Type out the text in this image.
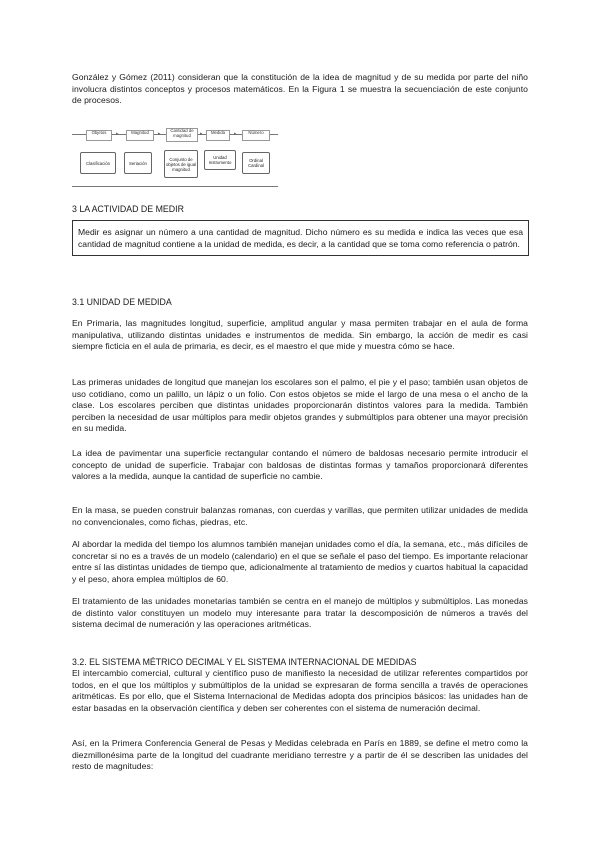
González y Gómez (2011) consideran que la constitución de la idea de magnitud y de su medida por parte del niño involucra distintos conceptos y procesos matemáticos. En la Figura 1 se muestra la secuenciación de este conjunto de procesos.

Objetos	Magnitud	Cantidad de magnitud	Medida	Número
▸	▸	▸	▸
Clasificación	Seriación
Conjunto de objetos de igual magnitud
Unidad Instrumento	Ordinal Cardinal

3 LA ACTIVIDAD DE MEDIR

Medir es asignar un número a una cantidad de magnitud. Dicho número es su medida e indica las veces que esa cantidad de magnitud contiene a la unidad de medida, es decir, a la cantidad que se toma como referencia o patrón.

3.1 UNIDAD DE MEDIDA

En Primaria, las magnitudes longitud, superficie, amplitud angular y masa permiten trabajar en el aula de forma manipulativa, utilizando distintas unidades e instrumentos de medida. Sin embargo, la acción de medir es casi siempre ficticia en el aula de primaria, es decir, es el maestro el que mide y muestra cómo se hace.

Las primeras unidades de longitud que manejan los escolares son el palmo, el pie y el paso; también usan objetos de uso cotidiano, como un palillo, un lápiz o un folio. Con estos objetos se mide el largo de una mesa o el ancho de la clase. Los escolares perciben que distintas unidades proporcionarán distintos valores para la medida. También perciben la necesidad de usar múltiplos para medir objetos grandes y submúltiplos para obtener una mayor precisión en su medida.

La idea de pavimentar una superficie rectangular contando el número de baldosas necesario permite introducir el concepto de unidad de superficie. Trabajar con baldosas de distintas formas y tamaños proporcionará diferentes valores a la medida, aunque la cantidad de superficie no cambie.

En la masa, se pueden construir balanzas romanas, con cuerdas y varillas, que permiten utilizar unidades de medida no convencionales, como fichas, piedras, etc.

Al abordar la medida del tiempo los alumnos también manejan unidades como el día, la semana, etc., más difíciles de concretar si no es a través de un modelo (calendario) en el que se señale el paso del tiempo. Es importante relacionar entre sí las distintas unidades de tiempo que, adicionalmente al tratamiento de medios y cuartos habitual la capacidad y el peso, ahora emplea múltiplos de 60.

El tratamiento de las unidades monetarias también se centra en el manejo de múltiplos y submúltiplos. Las monedas de distinto valor constituyen un modelo muy interesante para tratar la descomposición de números a través del sistema decimal de numeración y las operaciones aritméticas.

3.2. EL SISTEMA MÉTRICO DECIMAL Y EL SISTEMA INTERNACIONAL DE MEDIDAS

El intercambio comercial, cultural y científico puso de manifiesto la necesidad de utilizar referentes compartidos por todos, en el que los múltiplos y submúltiplos de la unidad se expresaran de forma sencilla a través de operaciones aritméticas. Es por ello, que el Sistema Internacional de Medidas adopta dos principios básicos: las unidades han de estar basadas en la observación científica y deben ser coherentes con el sistema de numeración decimal.

Así, en la Primera Conferencia General de Pesas y Medidas celebrada en París en 1889, se define el metro como la diezmillonésima parte de la longitud del cuadrante meridiano terrestre y a partir de él se describen las unidades del resto de magnitudes:
